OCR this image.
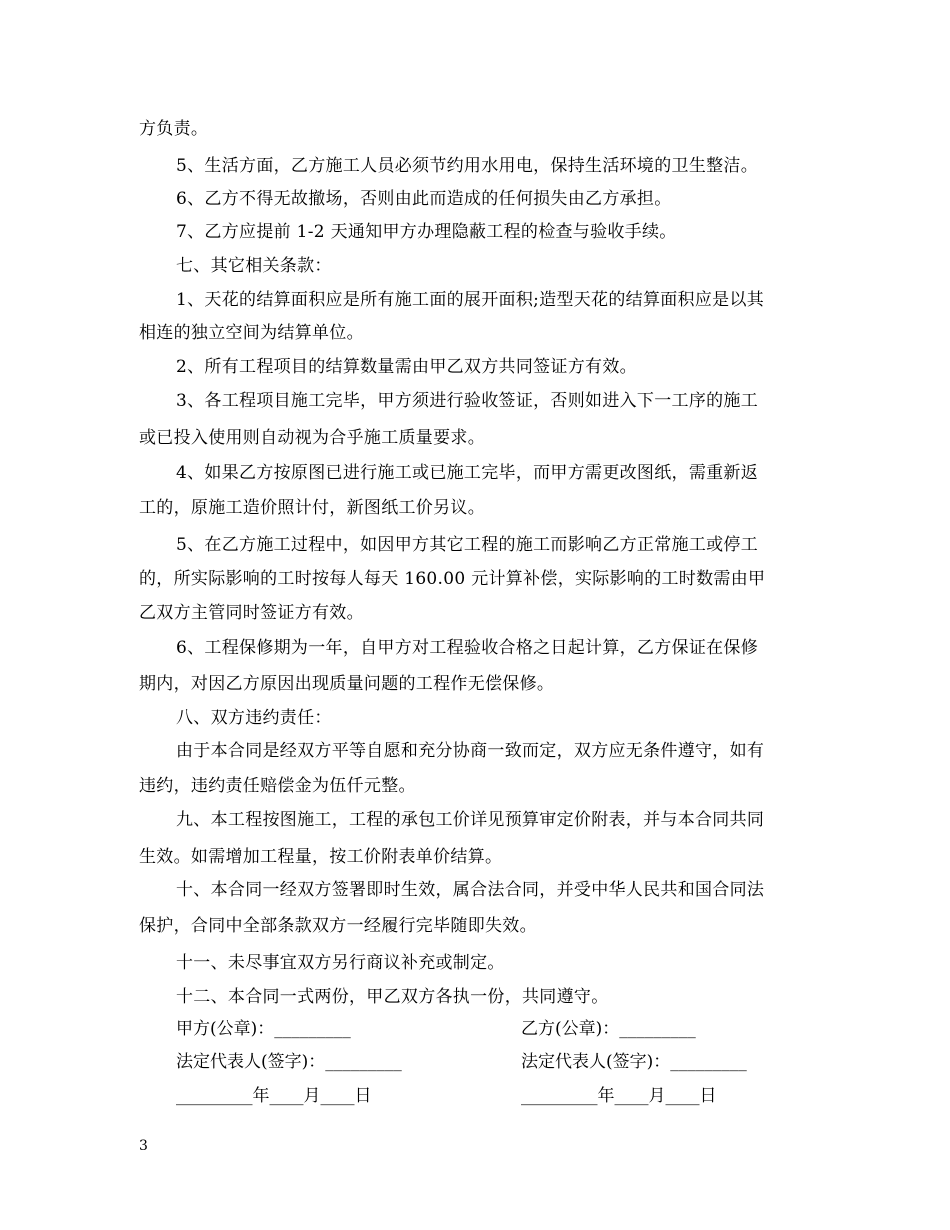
方负责。
5、生活方面，乙方施工人员必须节约用水用电，保持生活环境的卫生整洁。
6、乙方不得无故撤场，否则由此而造成的任何损失由乙方承担。
7、乙方应提前 1-2 天通知甲方办理隐蔽工程的检查与验收手续。
七、其它相关条款：
1、天花的结算面积应是所有施工面的展开面积;造型天花的结算面积应是以其
相连的独立空间为结算单位。
2、所有工程项目的结算数量需由甲乙双方共同签证方有效。
3、各工程项目施工完毕，甲方须进行验收签证，否则如进入下一工序的施工
或已投入使用则自动视为合乎施工质量要求。
4、如果乙方按原图已进行施工或已施工完毕，而甲方需更改图纸，需重新返
工的，原施工造价照计付，新图纸工价另议。
5、在乙方施工过程中，如因甲方其它工程的施工而影响乙方正常施工或停工
的，所实际影响的工时按每人每天 160.00 元计算补偿，实际影响的工时数需由甲
乙双方主管同时签证方有效。
6、工程保修期为一年，自甲方对工程验收合格之日起计算，乙方保证在保修
期内，对因乙方原因出现质量问题的工程作无偿保修。
八、双方违约责任：
由于本合同是经双方平等自愿和充分协商一致而定，双方应无条件遵守，如有
违约，违约责任赔偿金为伍仟元整。
九、本工程按图施工，工程的承包工价详见预算审定价附表，并与本合同共同
生效。如需增加工程量，按工价附表单价结算。
十、本合同一经双方签署即时生效，属合法合同，并受中华人民共和国合同法
保护，合同中全部条款双方一经履行完毕随即失效。
十一、未尽事宜双方另行商议补充或制定。
十二、本合同一式两份，甲乙双方各执一份，共同遵守。
甲方(公章)：_________	乙方(公章)：_________
法定代表人(签字)：_________	法定代表人(签字)：_________
_________年____月____日	_________年____月____日
3
